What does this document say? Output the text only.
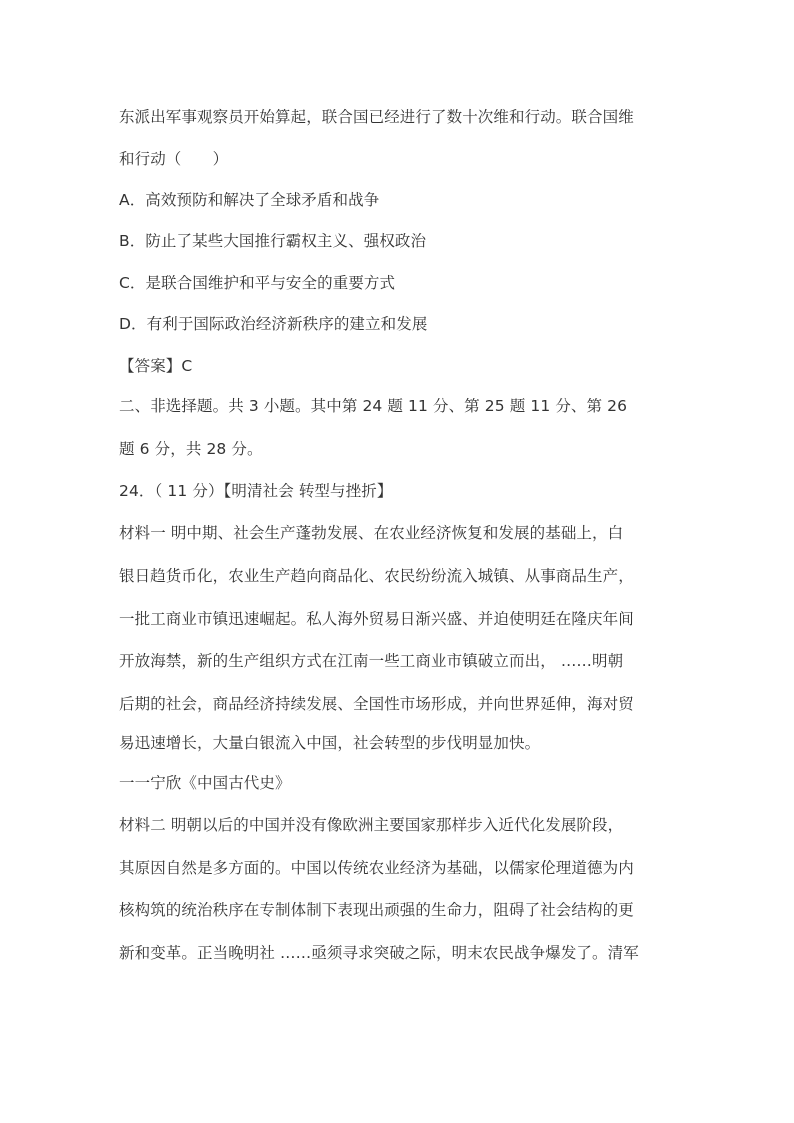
东派出军事观察员开始算起，联合国已经进行了数十次维和行动。联合国维
和行动（　　）
A．高效预防和解决了全球矛盾和战争
B．防止了某些大国推行霸权主义、强权政治
C．是联合国维护和平与安全的重要方式
D．有利于国际政治经济新秩序的建立和发展
【答案】C
二、非选择题。共 3 小题。其中第 24 题 11 分、第 25 题 11 分、第 26
题 6 分，共 28 分。
24．（ 11 分）【明清社会 转型与挫折】
材料一 明中期、社会生产蓬勃发展、在农业经济恢复和发展的基础上，白
银日趋货币化，农业生产趋向商品化、农民纷纷流入城镇、从事商品生产，
一批工商业市镇迅速崛起。私人海外贸易日渐兴盛、并迫使明廷在隆庆年间
开放海禁，新的生产组织方式在江南一些工商业市镇破立而出， ……明朝
后期的社会，商品经济持续发展、全国性市场形成，并向世界延伸，海对贸
易迅速增长，大量白银流入中国，社会转型的步伐明显加快。
一一宁欣《中国古代史》
材料二 明朝以后的中国并没有像欧洲主要国家那样步入近代化发展阶段，
其原因自然是多方面的。中国以传统农业经济为基础，以儒家伦理道德为内
核构筑的统治秩序在专制体制下表现出顽强的生命力，阻碍了社会结构的更
新和变革。正当晚明社 ……亟须寻求突破之际，明末农民战争爆发了。清军
